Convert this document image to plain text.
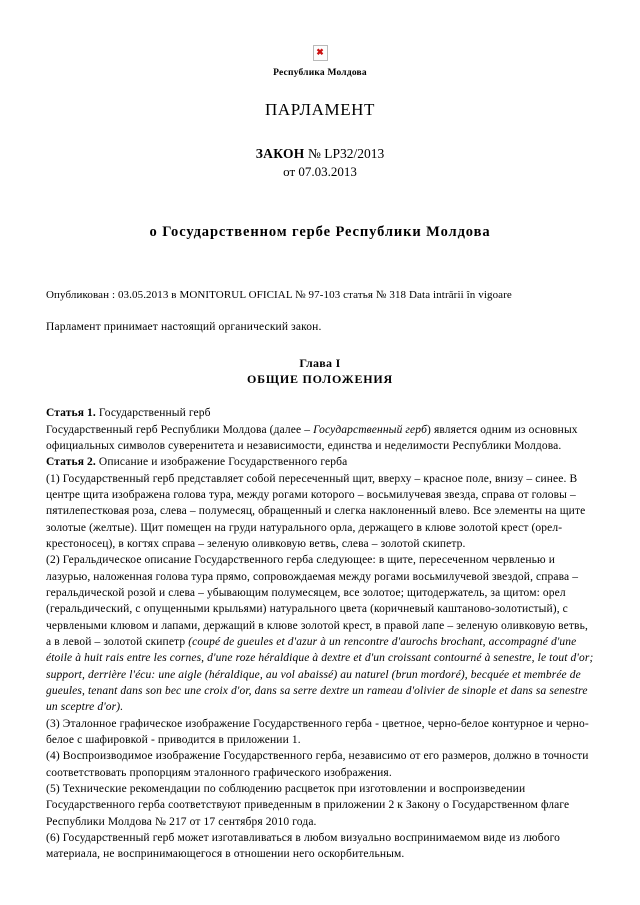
✖
Республика Молдова
ПАРЛАМЕНТ
ЗАКОН № LP32/2013
от 07.03.2013
о Государственном гербе Республики Молдова
Опубликован : 03.05.2013 в MONITORUL OFICIAL № 97-103 статья № 318 Data intrării în vigoare
Парламент принимает настоящий органический закон.
Глава I
ОБЩИЕ ПОЛОЖЕНИЯ

Статья 1. Государственный герб

Государственный герб Республики Молдова (далее – Государственный герб) является одним из основных официальных символов суверенитета и независимости, единства и неделимости Республики Молдова.

Статья 2. Описание и изображение Государственного герба

(1) Государственный герб представляет собой пересеченный щит, вверху – красное поле, внизу – синее. В центре щита изображена голова тура, между рогами которого – восьмилучевая звезда, справа от головы –пятилепестковая роза, слева – полумесяц, обращенный и слегка наклоненный влево. Все элементы на щите золотые (желтые). Щит помещен на груди натурального орла, держащего в клюве золотой крест (орел-крестоносец), в когтях справа – зеленую оливковую ветвь, слева – золотой скипетр.

(2) Геральдическое описание Государственного герба следующее: в щите, пересеченном червленью и лазурью, наложенная голова тура прямо, сопровождаемая между рогами восьмилучевой звездой, справа – геральдической розой и слева – убывающим полумесяцем, все золотое; щитодержатель, за щитом: орел (геральдический, с опущенными крыльями) натурального цвета (коричневый каштаново-золотистый), с червлеными клювом и лапами, держащий в клюве золотой крест, в правой лапе – зеленую оливковую ветвь, а в левой – золотой скипетр (coupé de gueules et d'azur à un rencontre d'aurochs brochant, accompagné d'une étoile à huit rais entre les cornes, d'une roze héraldique à dextre et d'un croissant contourné à senestre, le tout d'or; support, derrière l'écu: une aigle (héraldique, au vol abaissé) au naturel (brun mordoré), becquée et membrée de gueules, tenant dans son bec une croix d'or, dans sa serre dextre un rameau d'olivier de sinople et dans sa senestre un sceptre d'or).

(3) Эталонное графическое изображение Государственного герба - цветное, черно-белое контурное и черно-белое с шафировкой - приводится в приложении 1.

(4) Воспроизводимое изображение Государственного герба, независимо от его размеров, должно в точности соответствовать пропорциям эталонного графического изображения.

(5) Технические рекомендации по соблюдению расцветок при изготовлении и воспроизведении Государственного герба соответствуют приведенным в приложении 2 к Закону о Государственном флаге Республики Молдова № 217 от 17 сентября 2010 года.

(6) Государственный герб может изготавливаться в любом визуально воспринимаемом виде из любого материала, не воспринимающегося в отношении него оскорбительным.
